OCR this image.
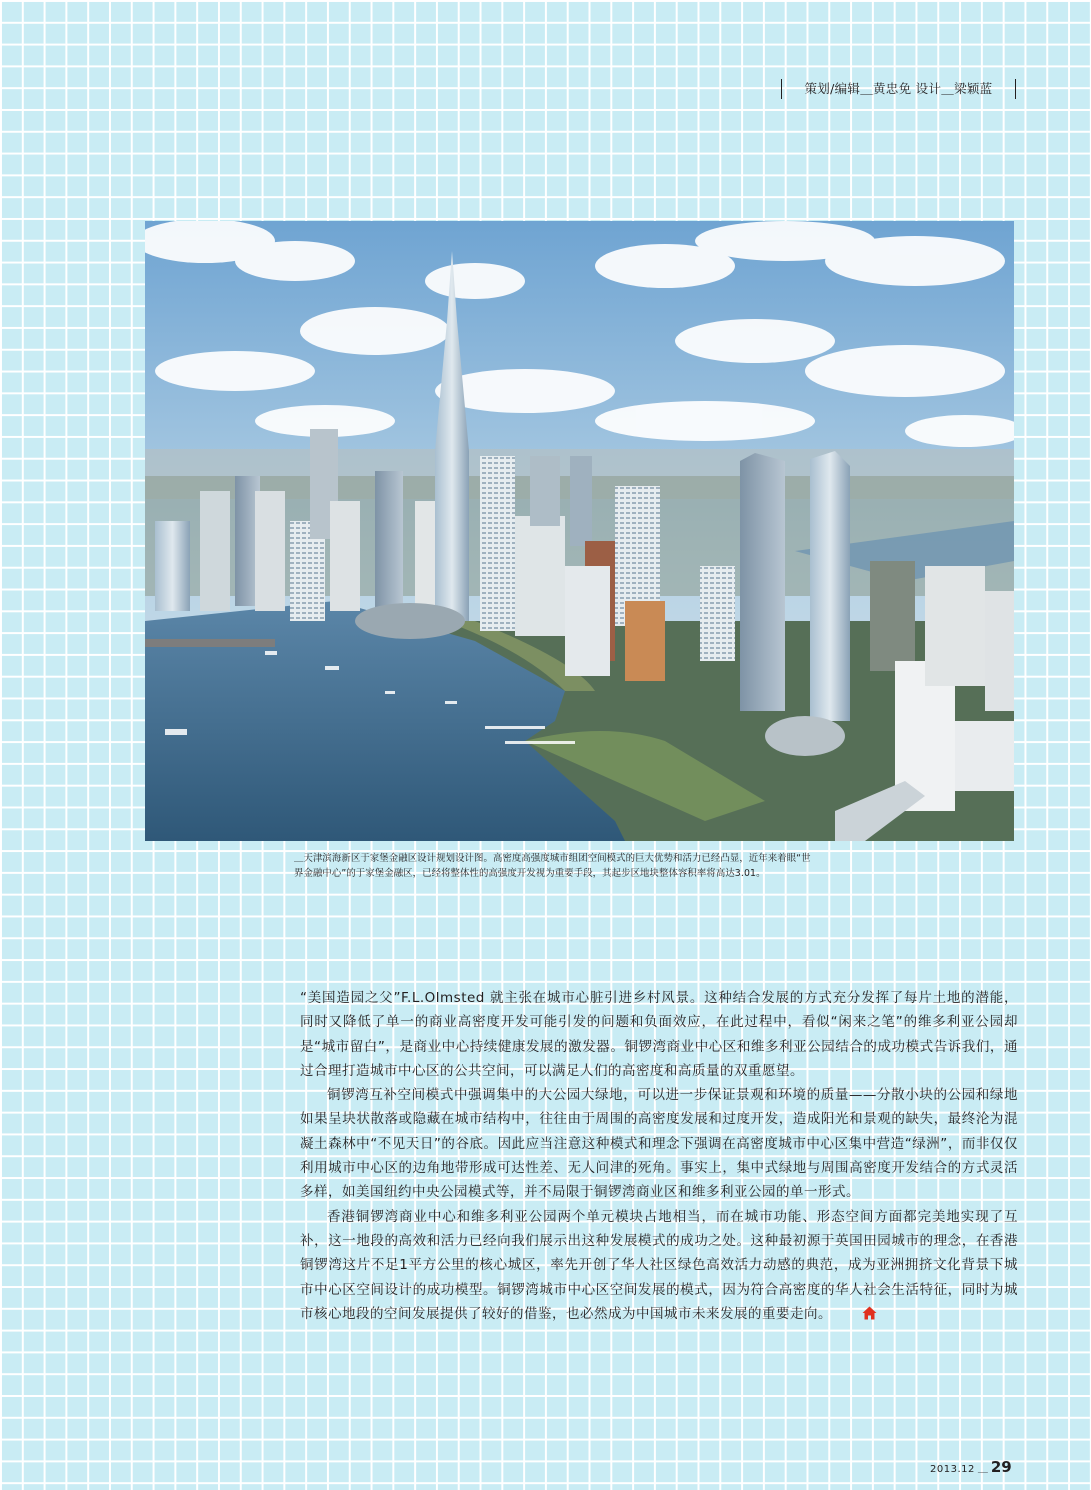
策划/编辑＿黄忠免 设计＿梁颖蓝
＿天津滨海新区于家堡金融区设计规划设计图。高密度高强度城市组团空间模式的巨大优势和活力已经凸显，近年来着眼“世界金融中心”的于家堡金融区，已经将整体性的高强度开发视为重要手段，其起步区地块整体容积率将高达3.01。

“美国造园之父”F.L.Olmsted 就主张在城市心脏引进乡村风景。这种结合发展的方式充分发挥了每片土地的潜能，同时又降低了单一的商业高密度开发可能引发的问题和负面效应，在此过程中，看似“闲来之笔”的维多利亚公园却是“城市留白”，是商业中心持续健康发展的激发器。铜锣湾商业中心区和维多利亚公园结合的成功模式告诉我们，通过合理打造城市中心区的公共空间，可以满足人们的高密度和高质量的双重愿望。

铜锣湾互补空间模式中强调集中的大公园大绿地，可以进一步保证景观和环境的质量——分散小块的公园和绿地如果呈块状散落或隐藏在城市结构中，往往由于周围的高密度发展和过度开发，造成阳光和景观的缺失，最终沦为混凝土森林中“不见天日”的谷底。因此应当注意这种模式和理念下强调在高密度城市中心区集中营造“绿洲”，而非仅仅利用城市中心区的边角地带形成可达性差、无人问津的死角。事实上，集中式绿地与周围高密度开发结合的方式灵活多样，如美国纽约中央公园模式等，并不局限于铜锣湾商业区和维多利亚公园的单一形式。

香港铜锣湾商业中心和维多利亚公园两个单元模块占地相当，而在城市功能、形态空间方面都完美地实现了互补，这一地段的高效和活力已经向我们展示出这种发展模式的成功之处。这种最初源于英国田园城市的理念，在香港铜锣湾这片不足1平方公里的核心城区，率先开创了华人社区绿色高效活力动感的典范，成为亚洲拥挤文化背景下城市中心区空间设计的成功模型。铜锣湾城市中心区空间发展的模式，因为符合高密度的华人社会生活特征，同时为城市核心地段的空间发展提供了较好的借鉴，也必然成为中国城市未来发展的重要走向。

2013.12 ＿ 29
